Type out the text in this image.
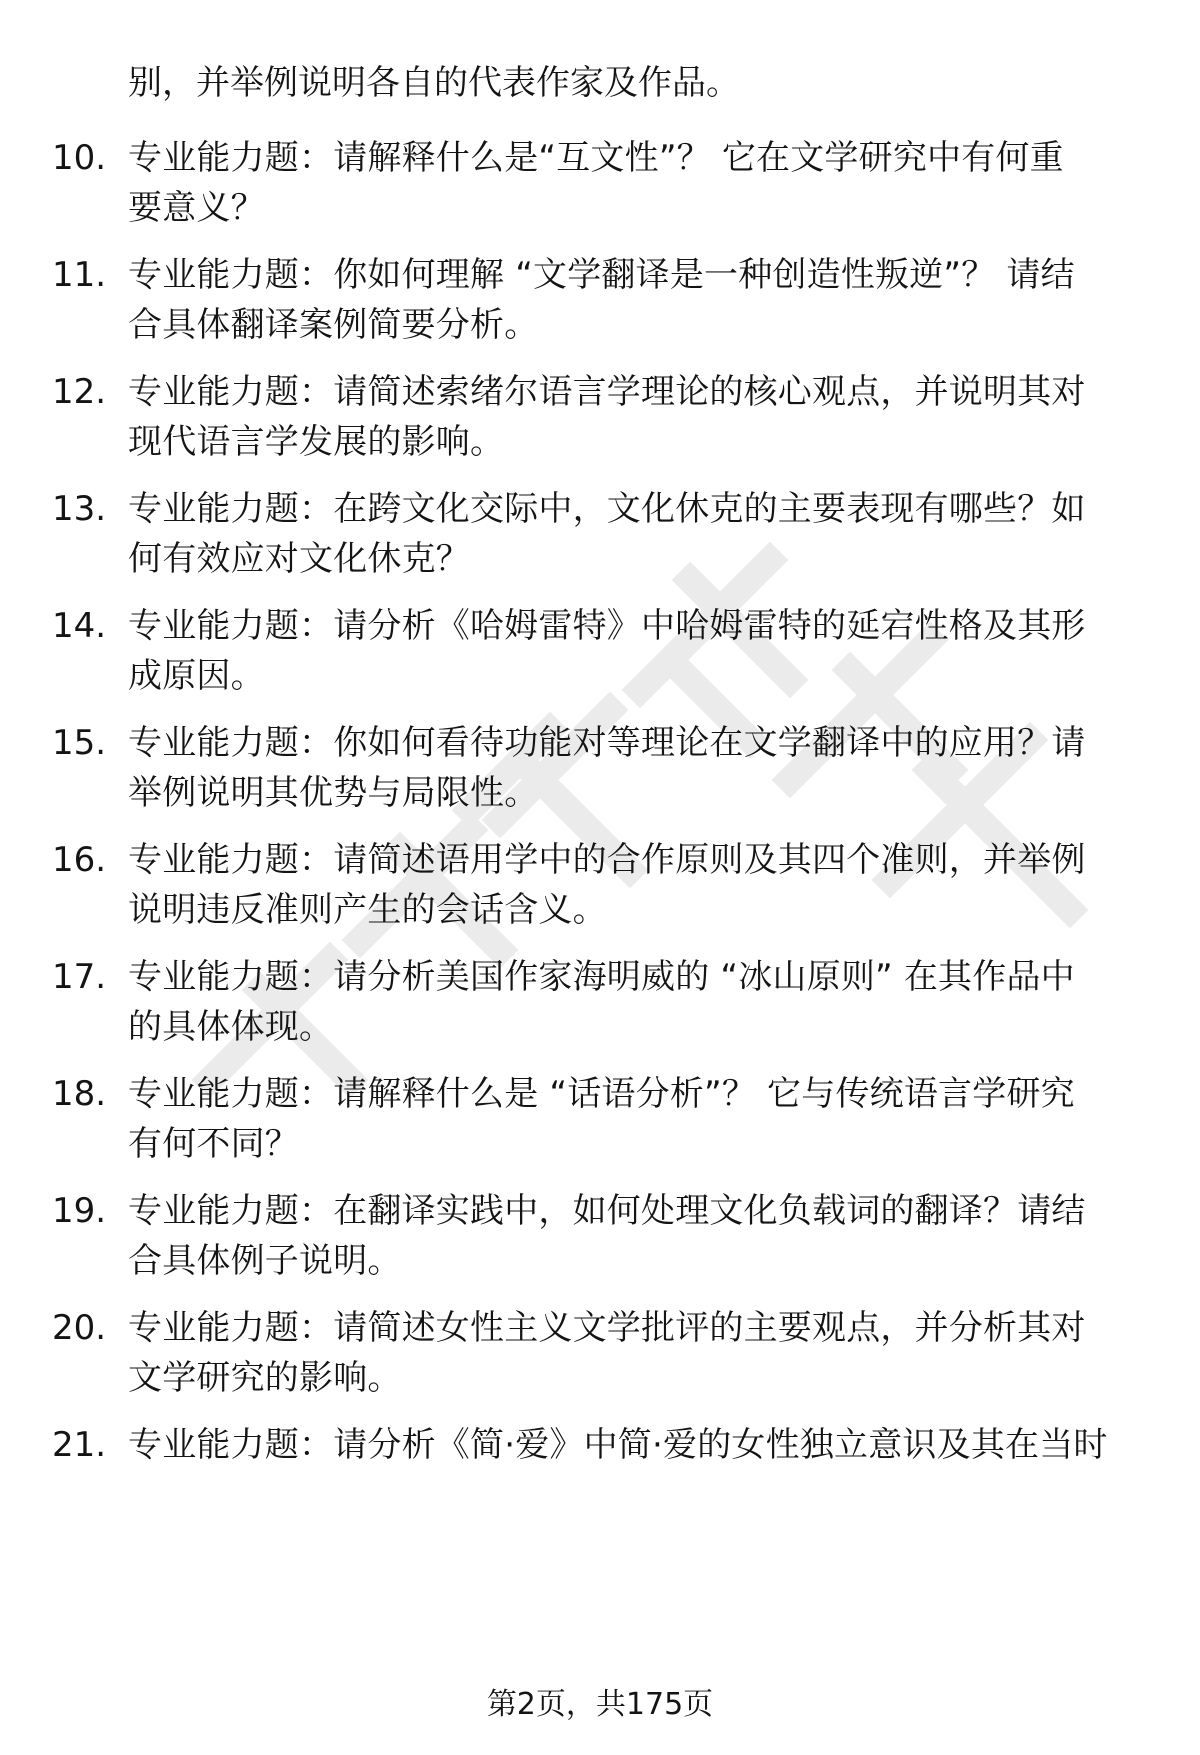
别，并举例说明各自的代表作家及作品。
10. 专业能力题：请解释什么是“互文性”？ 它在文学研究中有何重
要意义？
11. 专业能力题：你如何理解 “文学翻译是一种创造性叛逆”？ 请结
合具体翻译案例简要分析。
12. 专业能力题：请简述索绪尔语言学理论的核心观点，并说明其对
现代语言学发展的影响。
13. 专业能力题：在跨文化交际中，文化休克的主要表现有哪些？如
何有效应对文化休克？
14. 专业能力题：请分析《哈姆雷特》中哈姆雷特的延宕性格及其形
成原因。
15. 专业能力题：你如何看待功能对等理论在文学翻译中的应用？请
举例说明其优势与局限性。
16. 专业能力题：请简述语用学中的合作原则及其四个准则，并举例
说明违反准则产生的会话含义。
17. 专业能力题：请分析美国作家海明威的 “冰山原则” 在其作品中
的具体体现。
18. 专业能力题：请解释什么是 “话语分析”？ 它与传统语言学研究
有何不同？
19. 专业能力题：在翻译实践中，如何处理文化负载词的翻译？请结
合具体例子说明。
20. 专业能力题：请简述女性主义文学批评的主要观点，并分析其对
文学研究的影响。
21. 专业能力题：请分析《简·爱》中简·爱的女性独立意识及其在当时
第2页，共175页
